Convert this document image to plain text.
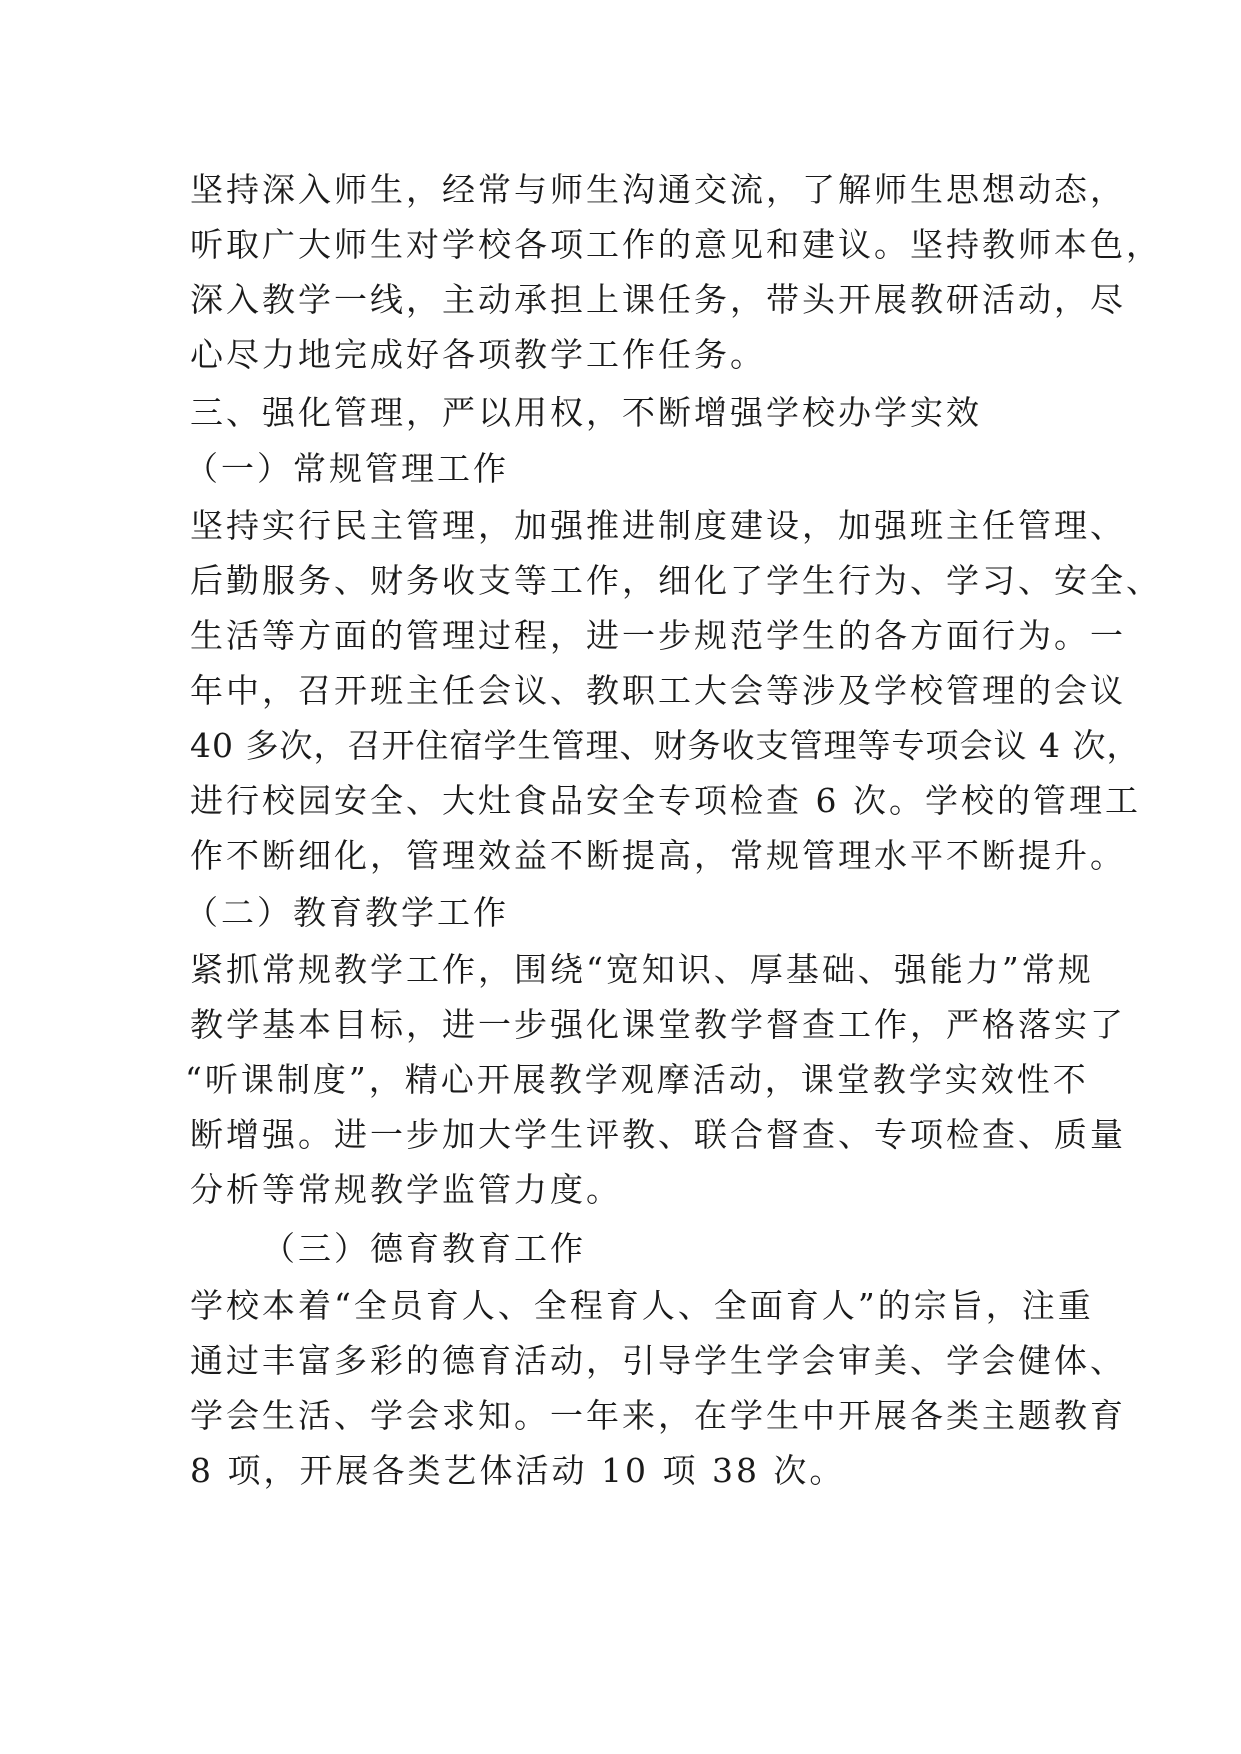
坚持深入师生，经常与师生沟通交流，了解师生思想动态，
听取广大师生对学校各项工作的意见和建议。坚持教师本色，
深入教学一线，主动承担上课任务，带头开展教研活动，尽
心尽力地完成好各项教学工作任务。
三、强化管理，严以用权，不断增强学校办学实效
（一）常规管理工作
坚持实行民主管理，加强推进制度建设，加强班主任管理、
后勤服务、财务收支等工作，细化了学生行为、学习、安全、
生活等方面的管理过程，进一步规范学生的各方面行为。一
年中，召开班主任会议、教职工大会等涉及学校管理的会议
40 多次，召开住宿学生管理、财务收支管理等专项会议 4 次，
进行校园安全、大灶食品安全专项检查 6 次。学校的管理工
作不断细化，管理效益不断提高，常规管理水平不断提升。
（二）教育教学工作
紧抓常规教学工作，围绕“宽知识、厚基础、强能力”常规
教学基本目标，进一步强化课堂教学督查工作，严格落实了
“听课制度”，精心开展教学观摩活动，课堂教学实效性不
断增强。进一步加大学生评教、联合督查、专项检查、质量
分析等常规教学监管力度。
（三）德育教育工作
学校本着“全员育人、全程育人、全面育人”的宗旨，注重
通过丰富多彩的德育活动，引导学生学会审美、学会健体、
学会生活、学会求知。一年来，在学生中开展各类主题教育
8 项，开展各类艺体活动 10 项 38 次。
